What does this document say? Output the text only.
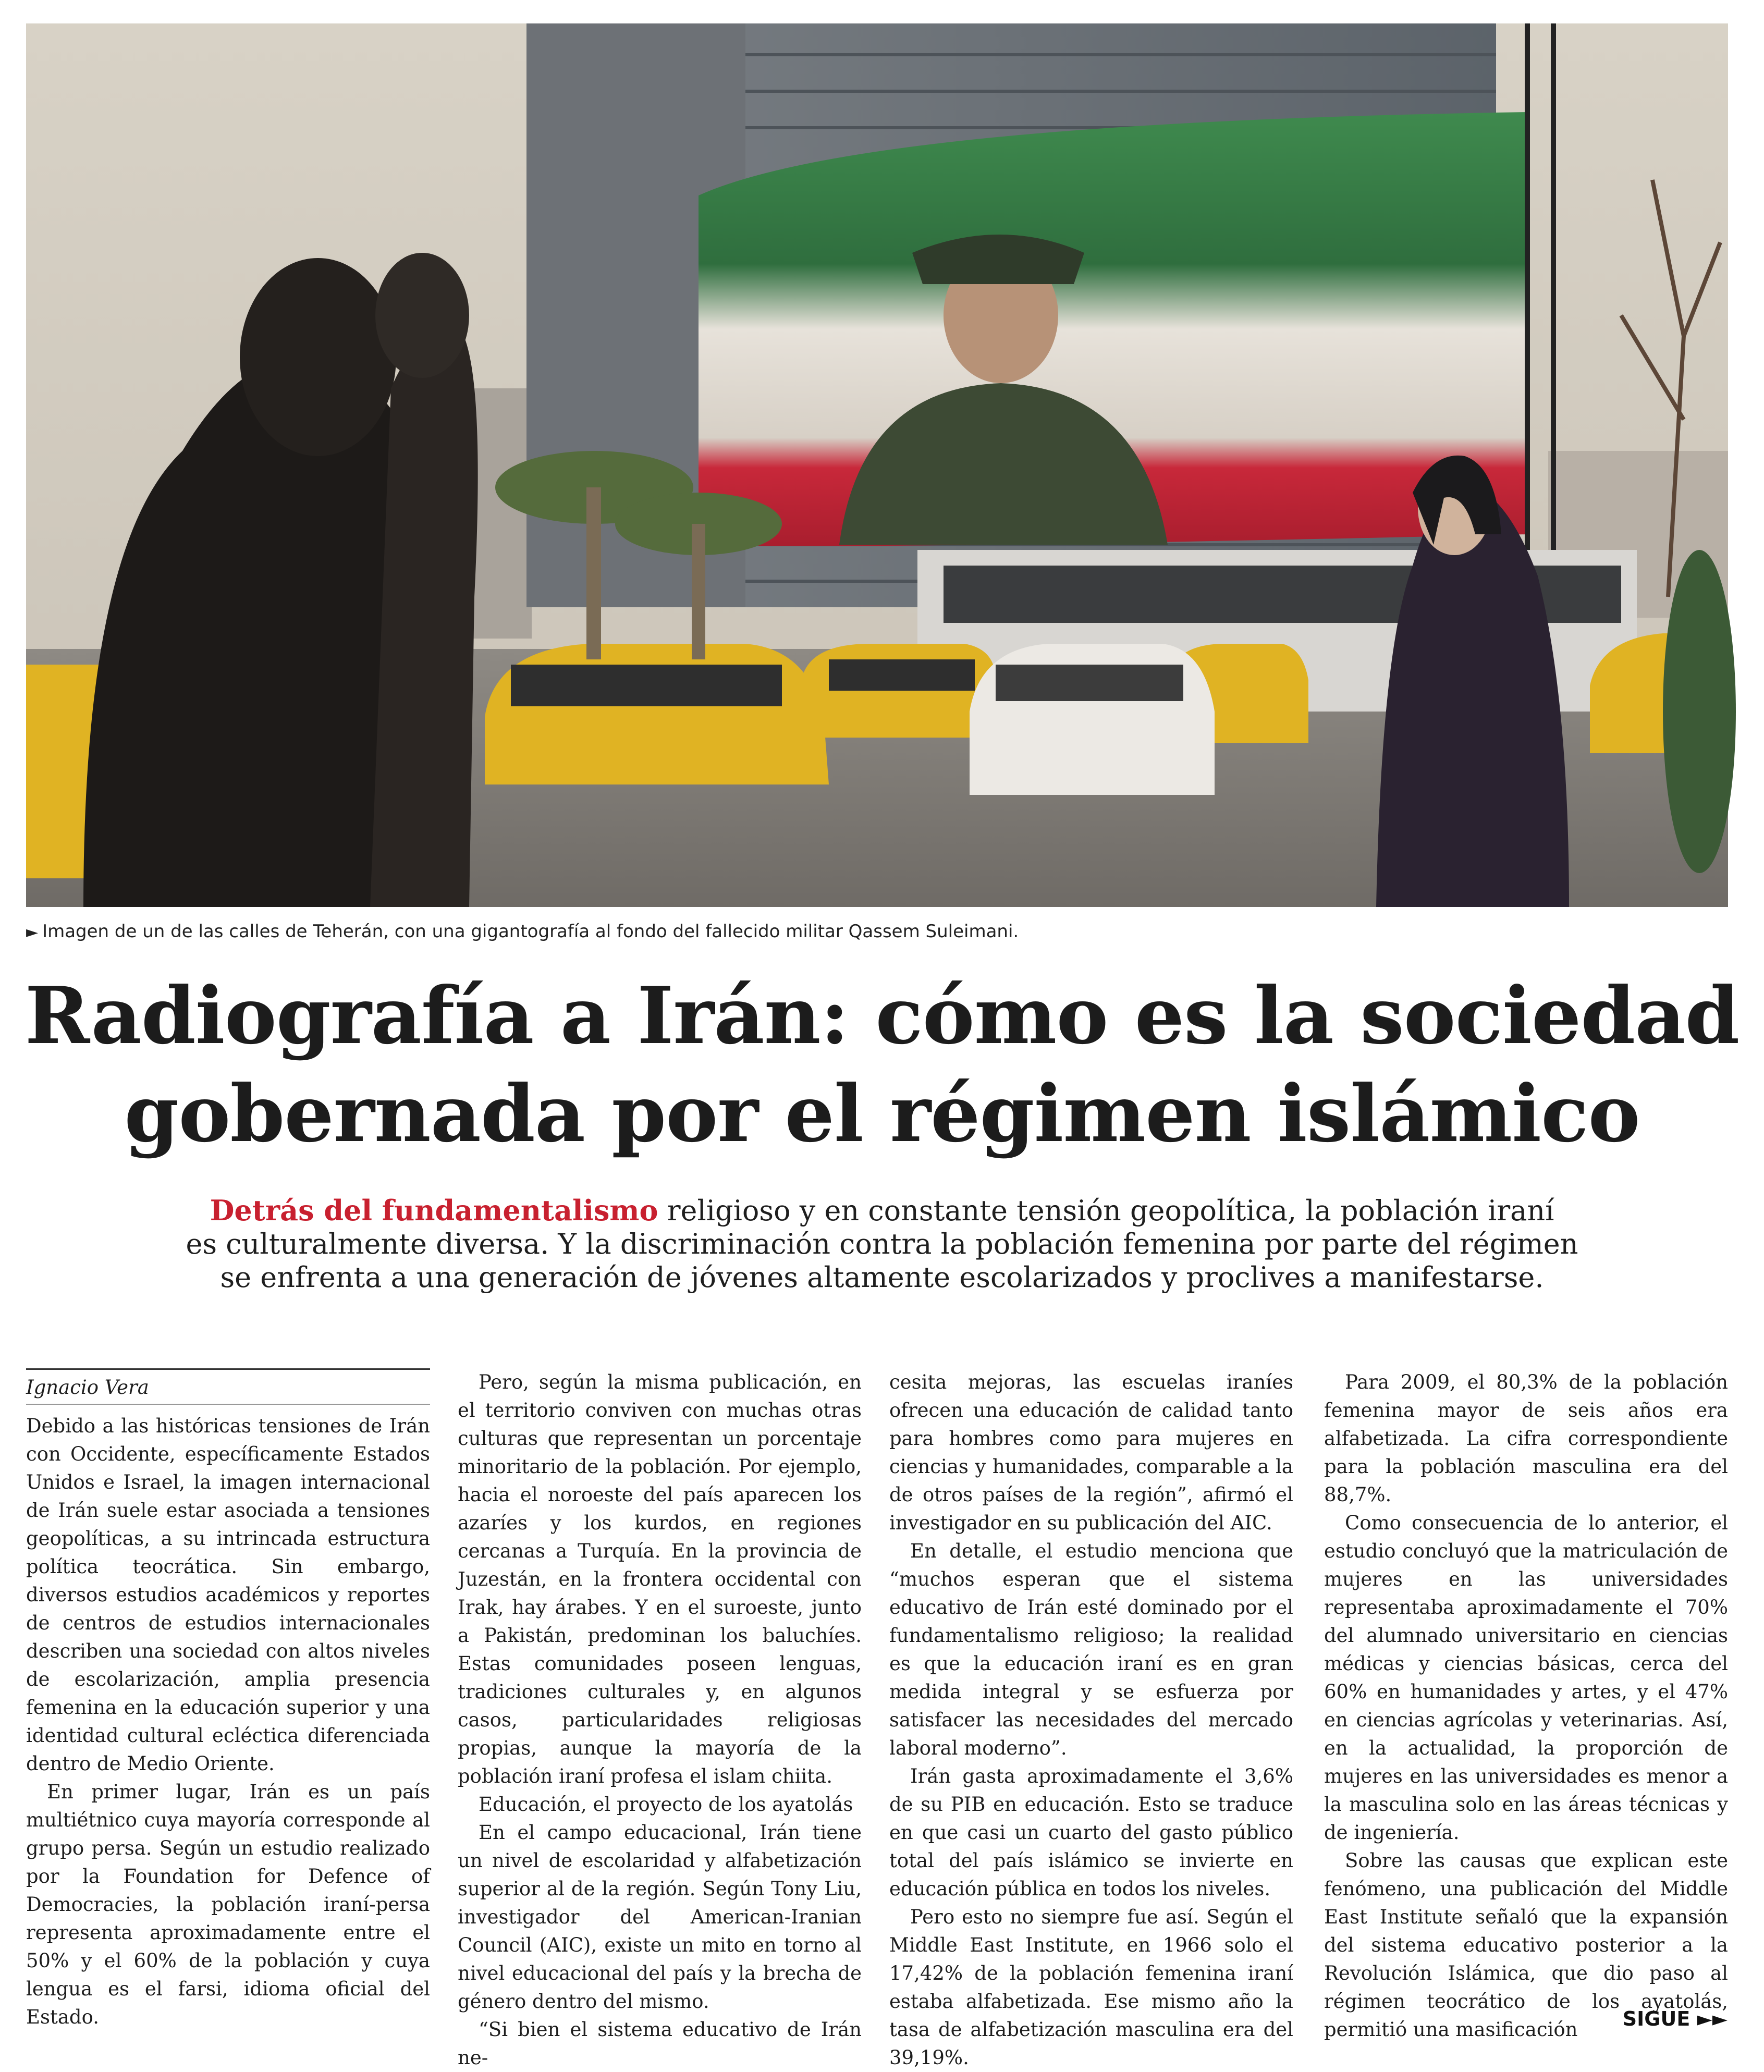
► Imagen de un de las calles de Teherán, con una gigantografía al fondo del fallecido militar Qassem Suleimani.
Radiografía a Irán: cómo es la sociedad
gobernada por el régimen islámico
Detrás del fundamentalismo religioso y en constante tensión geopolítica, la población iraní
es culturalmente diversa. Y la discriminación contra la población femenina por parte del régimen
se enfrenta a una generación de jóvenes altamente escolarizados y proclives a manifestarse.
Ignacio Vera

Debido a las históricas tensiones de Irán con Occidente, específicamente Estados Unidos e Israel, la imagen internacional de Irán suele estar asociada a tensiones geopolíticas, a su intrincada estructura política teocrática. Sin embargo, diversos estudios académicos y reportes de centros de estudios internacionales describen una sociedad con altos niveles de escolarización, amplia presencia femenina en la educación superior y una identidad cultural ecléctica diferenciada dentro de Medio Oriente.

En primer lugar, Irán es un país multiétnico cuya mayoría corresponde al grupo persa. Según un estudio realizado por la Foundation for Defence of Democracies, la población iraní-persa representa aproximadamente entre el 50% y el 60% de la población y cuya lengua es el farsi, idioma oficial del Estado.

Pero, según la misma publicación, en el territorio conviven con muchas otras culturas que representan un porcentaje minoritario de la población. Por ejemplo, hacia el noroeste del país aparecen los azaríes y los kurdos, en regiones cercanas a Turquía. En la provincia de Juzestán, en la frontera occidental con Irak, hay árabes. Y en el suroeste, junto a Pakistán, predominan los baluchíes. Estas comunidades poseen lenguas, tradiciones culturales y, en algunos casos, particularidades religiosas propias, aunque la mayoría de la población iraní profesa el islam chiita.

Educación, el proyecto de los ayatolás

En el campo educacional, Irán tiene un nivel de escolaridad y alfabetización superior al de la región. Según Tony Liu, investigador del American-Iranian Council (AIC), existe un mito en torno al nivel educacional del país y la brecha de género dentro del mismo.

“Si bien el sistema educativo de Irán ne-

cesita mejoras, las escuelas iraníes ofrecen una educación de calidad tanto para hombres como para mujeres en ciencias y humanidades, comparable a la de otros países de la región”, afirmó el investigador en su publicación del AIC.

En detalle, el estudio menciona que “muchos esperan que el sistema educativo de Irán esté dominado por el fundamentalismo religioso; la realidad es que la educación iraní es en gran medida integral y se esfuerza por satisfacer las necesidades del mercado laboral moderno”.

Irán gasta aproximadamente el 3,6% de su PIB en educación. Esto se traduce en que casi un cuarto del gasto público total del país islámico se invierte en educación pública en todos los niveles.

Pero esto no siempre fue así. Según el Middle East Institute, en 1966 solo el 17,42% de la población femenina iraní estaba alfabetizada. Ese mismo año la tasa de alfabetización masculina era del 39,19%.

Para 2009, el 80,3% de la población femenina mayor de seis años era alfabetizada. La cifra correspondiente para la población masculina era del 88,7%.

Como consecuencia de lo anterior, el estudio concluyó que la matriculación de mujeres en las universidades representaba aproximadamente el 70% del alumnado universitario en ciencias médicas y ciencias básicas, cerca del 60% en humanidades y artes, y el 47% en ciencias agrícolas y veterinarias. Así, en la actualidad, la proporción de mujeres en las universidades es menor a la masculina solo en las áreas técnicas y de ingeniería.

Sobre las causas que explican este fenómeno, una publicación del Middle East Institute señaló que la expansión del sistema educativo posterior a la Revolución Islámica, que dio paso al régimen teocrático de los ayatolás, permitió una masificación	SIGUE ►►
